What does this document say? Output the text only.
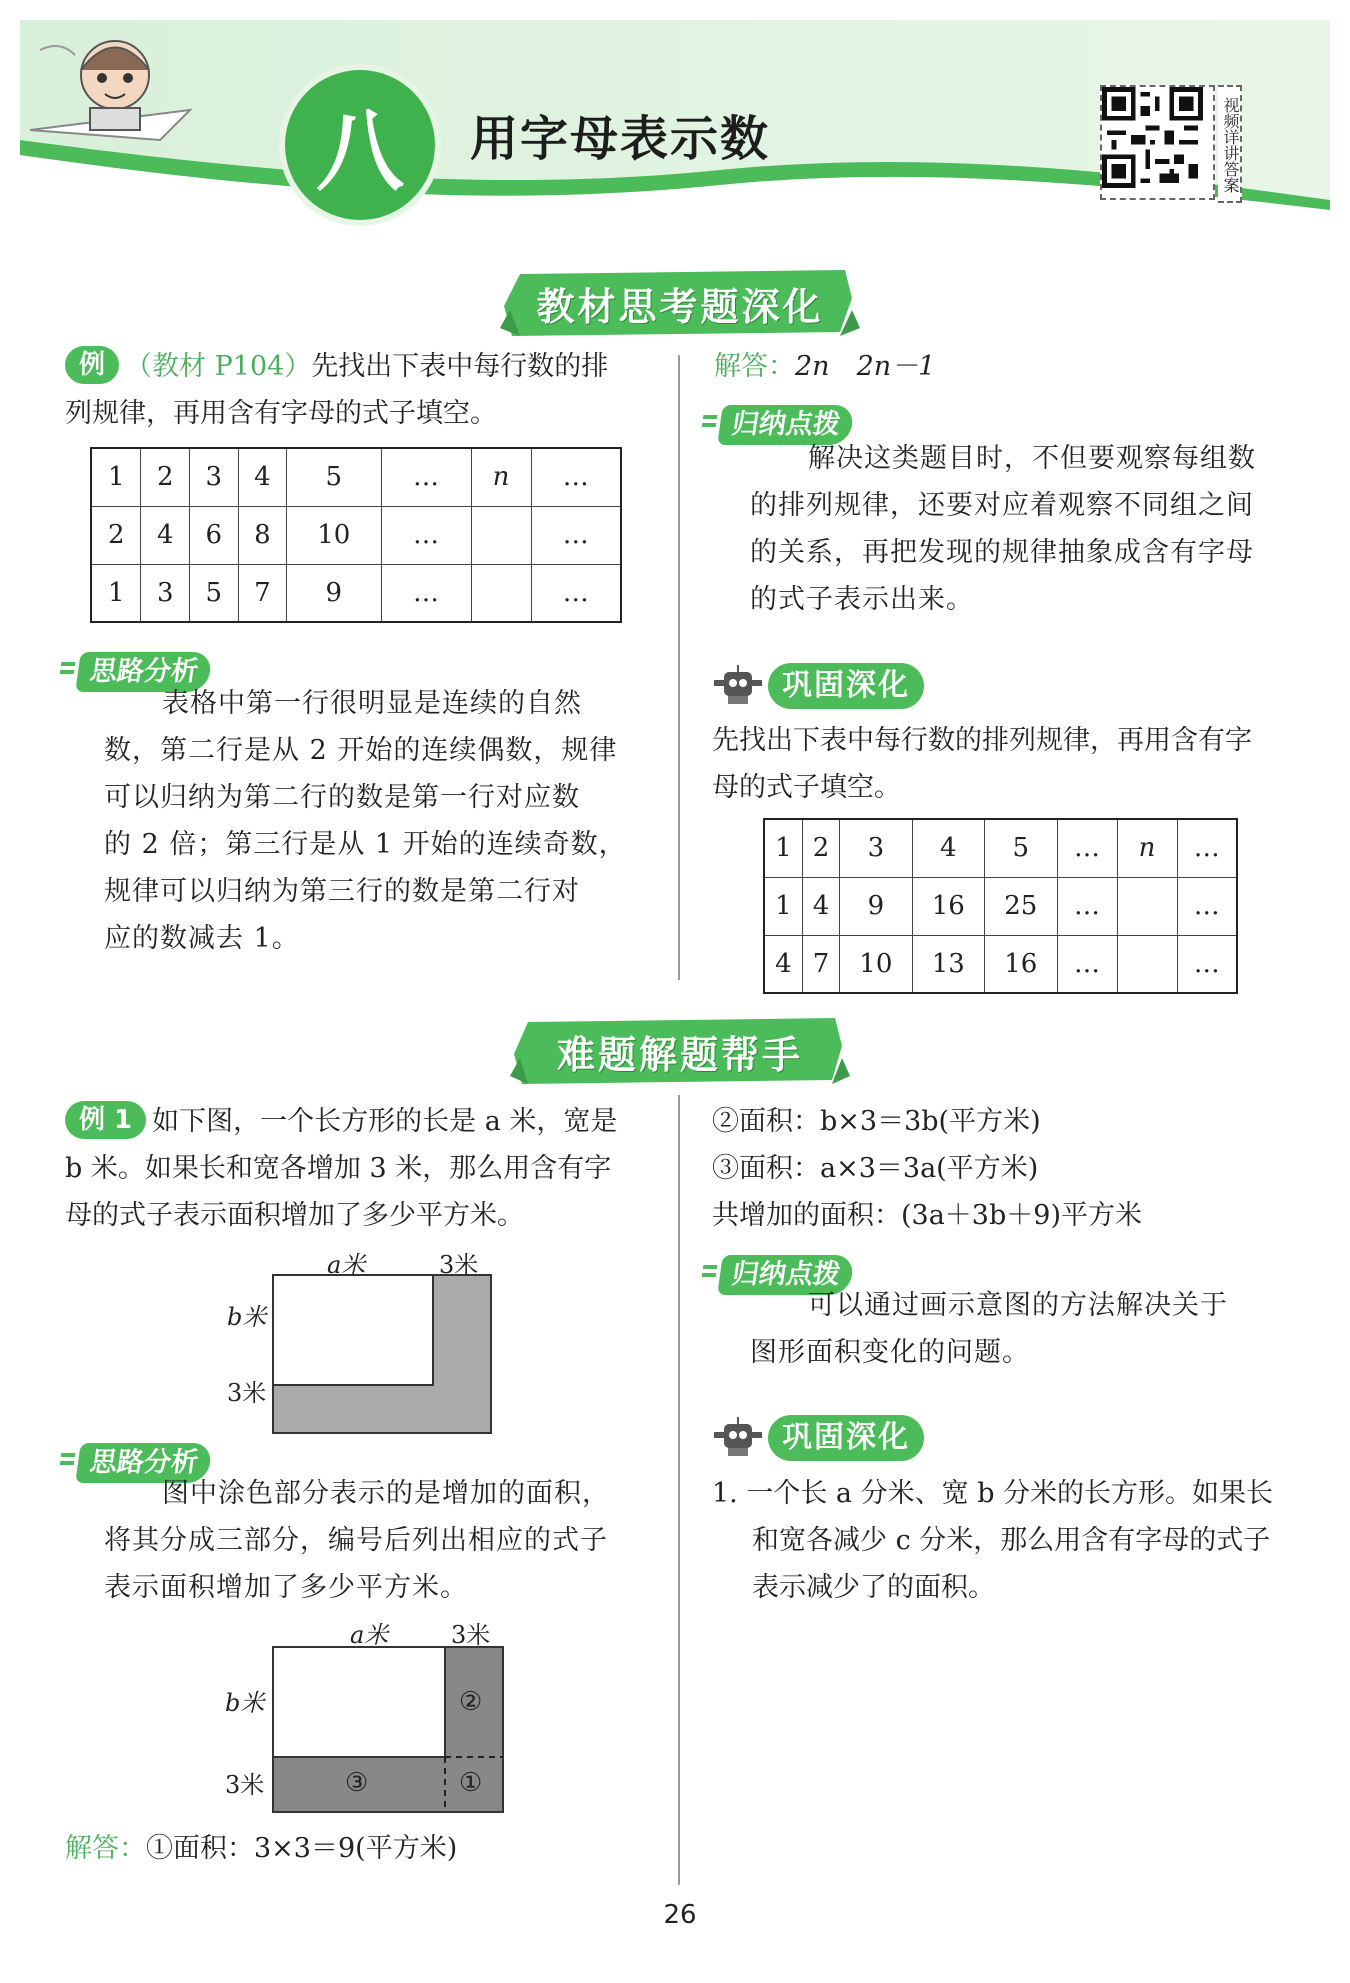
八	用字母表示数	视频详讲答案
教材思考题深化
例 （教材 P104）先找出下表中每行数的排
列规律，再用含有字母的式子填空。
1	2	3	4	5	…	n	…
2	4	6	8	10	…		…
1	3	5	7	9	…		…
思路分析
表格中第一行很明显是连续的自然
数，第二行是从 2 开始的连续偶数，规律
可以归纳为第二行的数是第一行对应数
的 2 倍；第三行是从 1 开始的连续奇数，
规律可以归纳为第三行的数是第二行对
应的数减去 1。
解答：2n　2n－1
归纳点拨
解决这类题目时，不但要观察每组数
的排列规律，还要对应着观察不同组之间
的关系，再把发现的规律抽象成含有字母
的式子表示出来。
巩固深化
先找出下表中每行数的排列规律，再用含有字
母的式子填空。
1	2	3	4	5	…	n	…
1	4	9	16	25	…		…
4	7	10	13	16	…		…
难题解题帮手
例 1 如下图，一个长方形的长是 a 米，宽是
b 米。如果长和宽各增加 3 米，那么用含有字
母的式子表示面积增加了多少平方米。
a米	3米
b米
3米
思路分析
图中涂色部分表示的是增加的面积，
将其分成三部分，编号后列出相应的式子
表示面积增加了多少平方米。
a米	3米
b米
3米
②
③	①
解答：①面积：3×3＝9(平方米)
②面积：b×3＝3b(平方米)
③面积：a×3＝3a(平方米)
共增加的面积：(3a＋3b＋9)平方米
归纳点拨
可以通过画示意图的方法解决关于
图形面积变化的问题。
巩固深化
1. 一个长 a 分米、宽 b 分米的长方形。如果长
和宽各减少 c 分米，那么用含有字母的式子
表示减少了的面积。
26
